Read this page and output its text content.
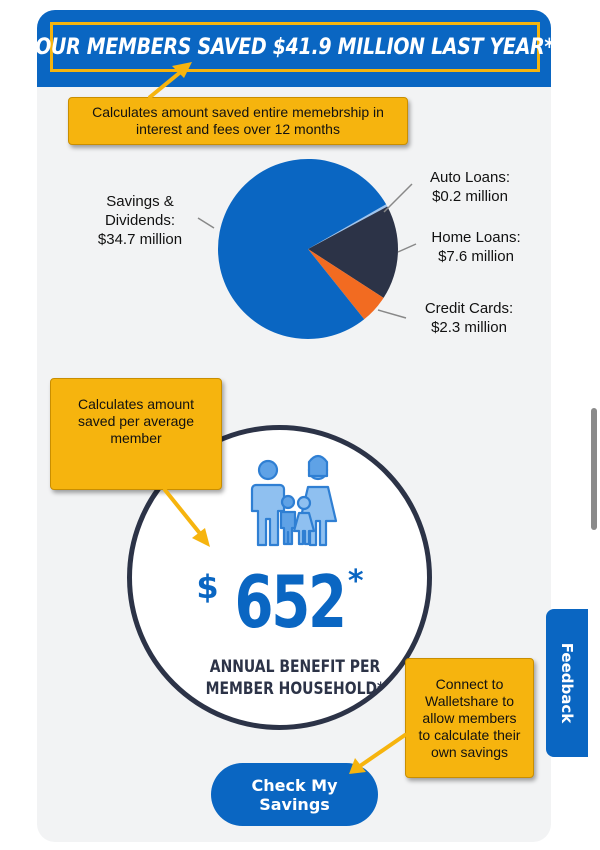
OUR MEMBERS SAVED $41.9 MILLION LAST YEAR*
Savings &
Dividends:
$34.7 million
Auto Loans:
$0.2 million
Home Loans:
$7.6 million
Credit Cards:
$2.3 million
$ 652 *
ANNUAL BENEFIT PER
MEMBER HOUSEHOLD*
Check My
Savings
Calculates amount saved entire memebrship in interest and fees over 12 months
Calculates amount saved per average member
Connect to Walletshare to allow members to calculate their own savings
Feedback
